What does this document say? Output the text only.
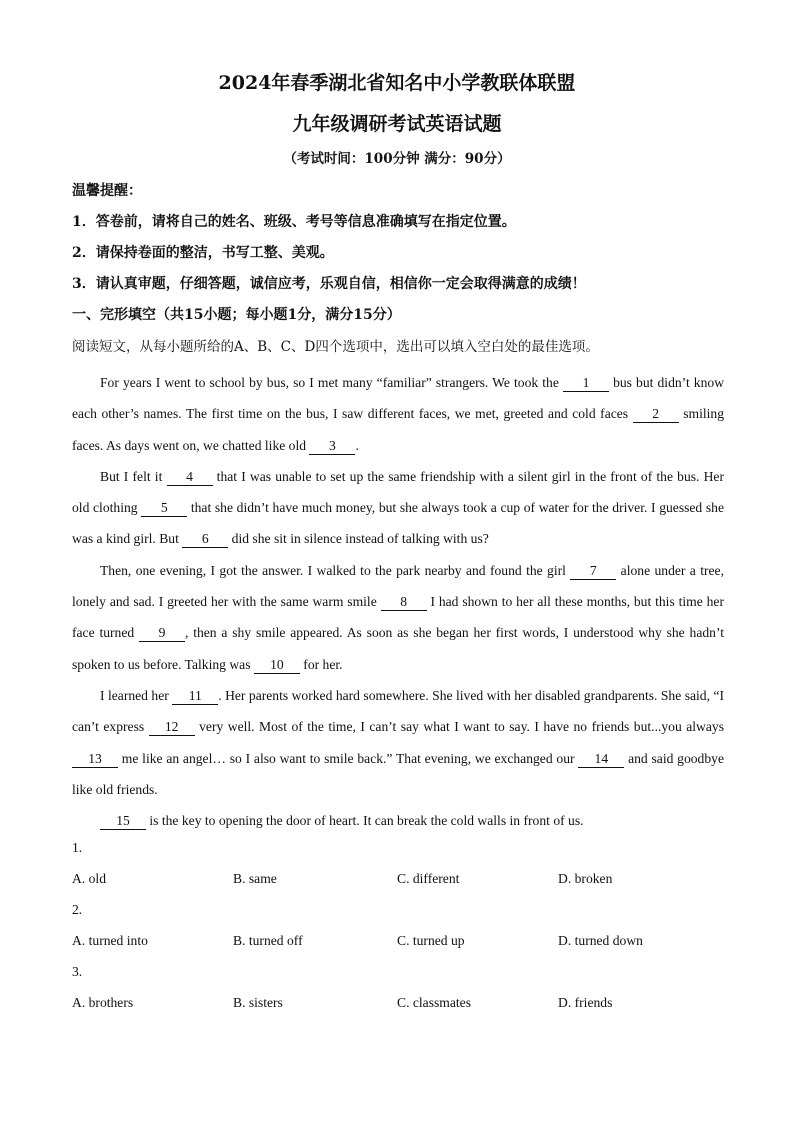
2024年春季湖北省知名中小学教联体联盟
九年级调研考试英语试题
（考试时间：100分钟 满分：90分）
温馨提醒：
1．答卷前，请将自己的姓名、班级、考号等信息准确填写在指定位置。
2．请保持卷面的整洁，书写工整、美观。
3．请认真审题，仔细答题，诚信应考，乐观自信，相信你一定会取得满意的成绩！
一、完形填空（共15小题；每小题1分，满分15分）
阅读短文，从每小题所给的A、B、C、D四个选项中，选出可以填入空白处的最佳选项。

For years I went to school by bus, so I met many “familiar” strangers. We took the 1 bus but didn’t know each other’s names. The first time on the bus, I saw different faces, we met, greeted and cold faces 2 smiling faces. As days went on, we chatted like old 3 .

But I felt it 4 that I was unable to set up the same friendship with a silent girl in the front of the bus. Her old clothing 5 that she didn’t have much money, but she always took a cup of water for the driver. I guessed she was a kind girl. But 6 did she sit in silence instead of talking with us?

Then, one evening, I got the answer. I walked to the park nearby and found the girl 7 alone under a tree, lonely and sad. I greeted her with the same warm smile 8 I had shown to her all these months, but this time her face turned 9 , then a shy smile appeared. As soon as she began her first words, I understood why she hadn’t spoken to us before. Talking was 10 for her.

I learned her 11 . Her parents worked hard somewhere. She lived with her disabled grandparents. She said, “I can’t express 12 very well. Most of the time, I can’t say what I want to say. I have no friends but...you always 13 me like an angel… so I also want to smile back.” That evening, we exchanged our 14 and said goodbye like old friends.

15 is the key to opening the door of heart. It can break the cold walls in front of us.

1.
A. old	B. same	C. different	D. broken
2.
A. turned into	B. turned off	C. turned up	D. turned down
3.
A. brothers	B. sisters	C. classmates	D. friends
